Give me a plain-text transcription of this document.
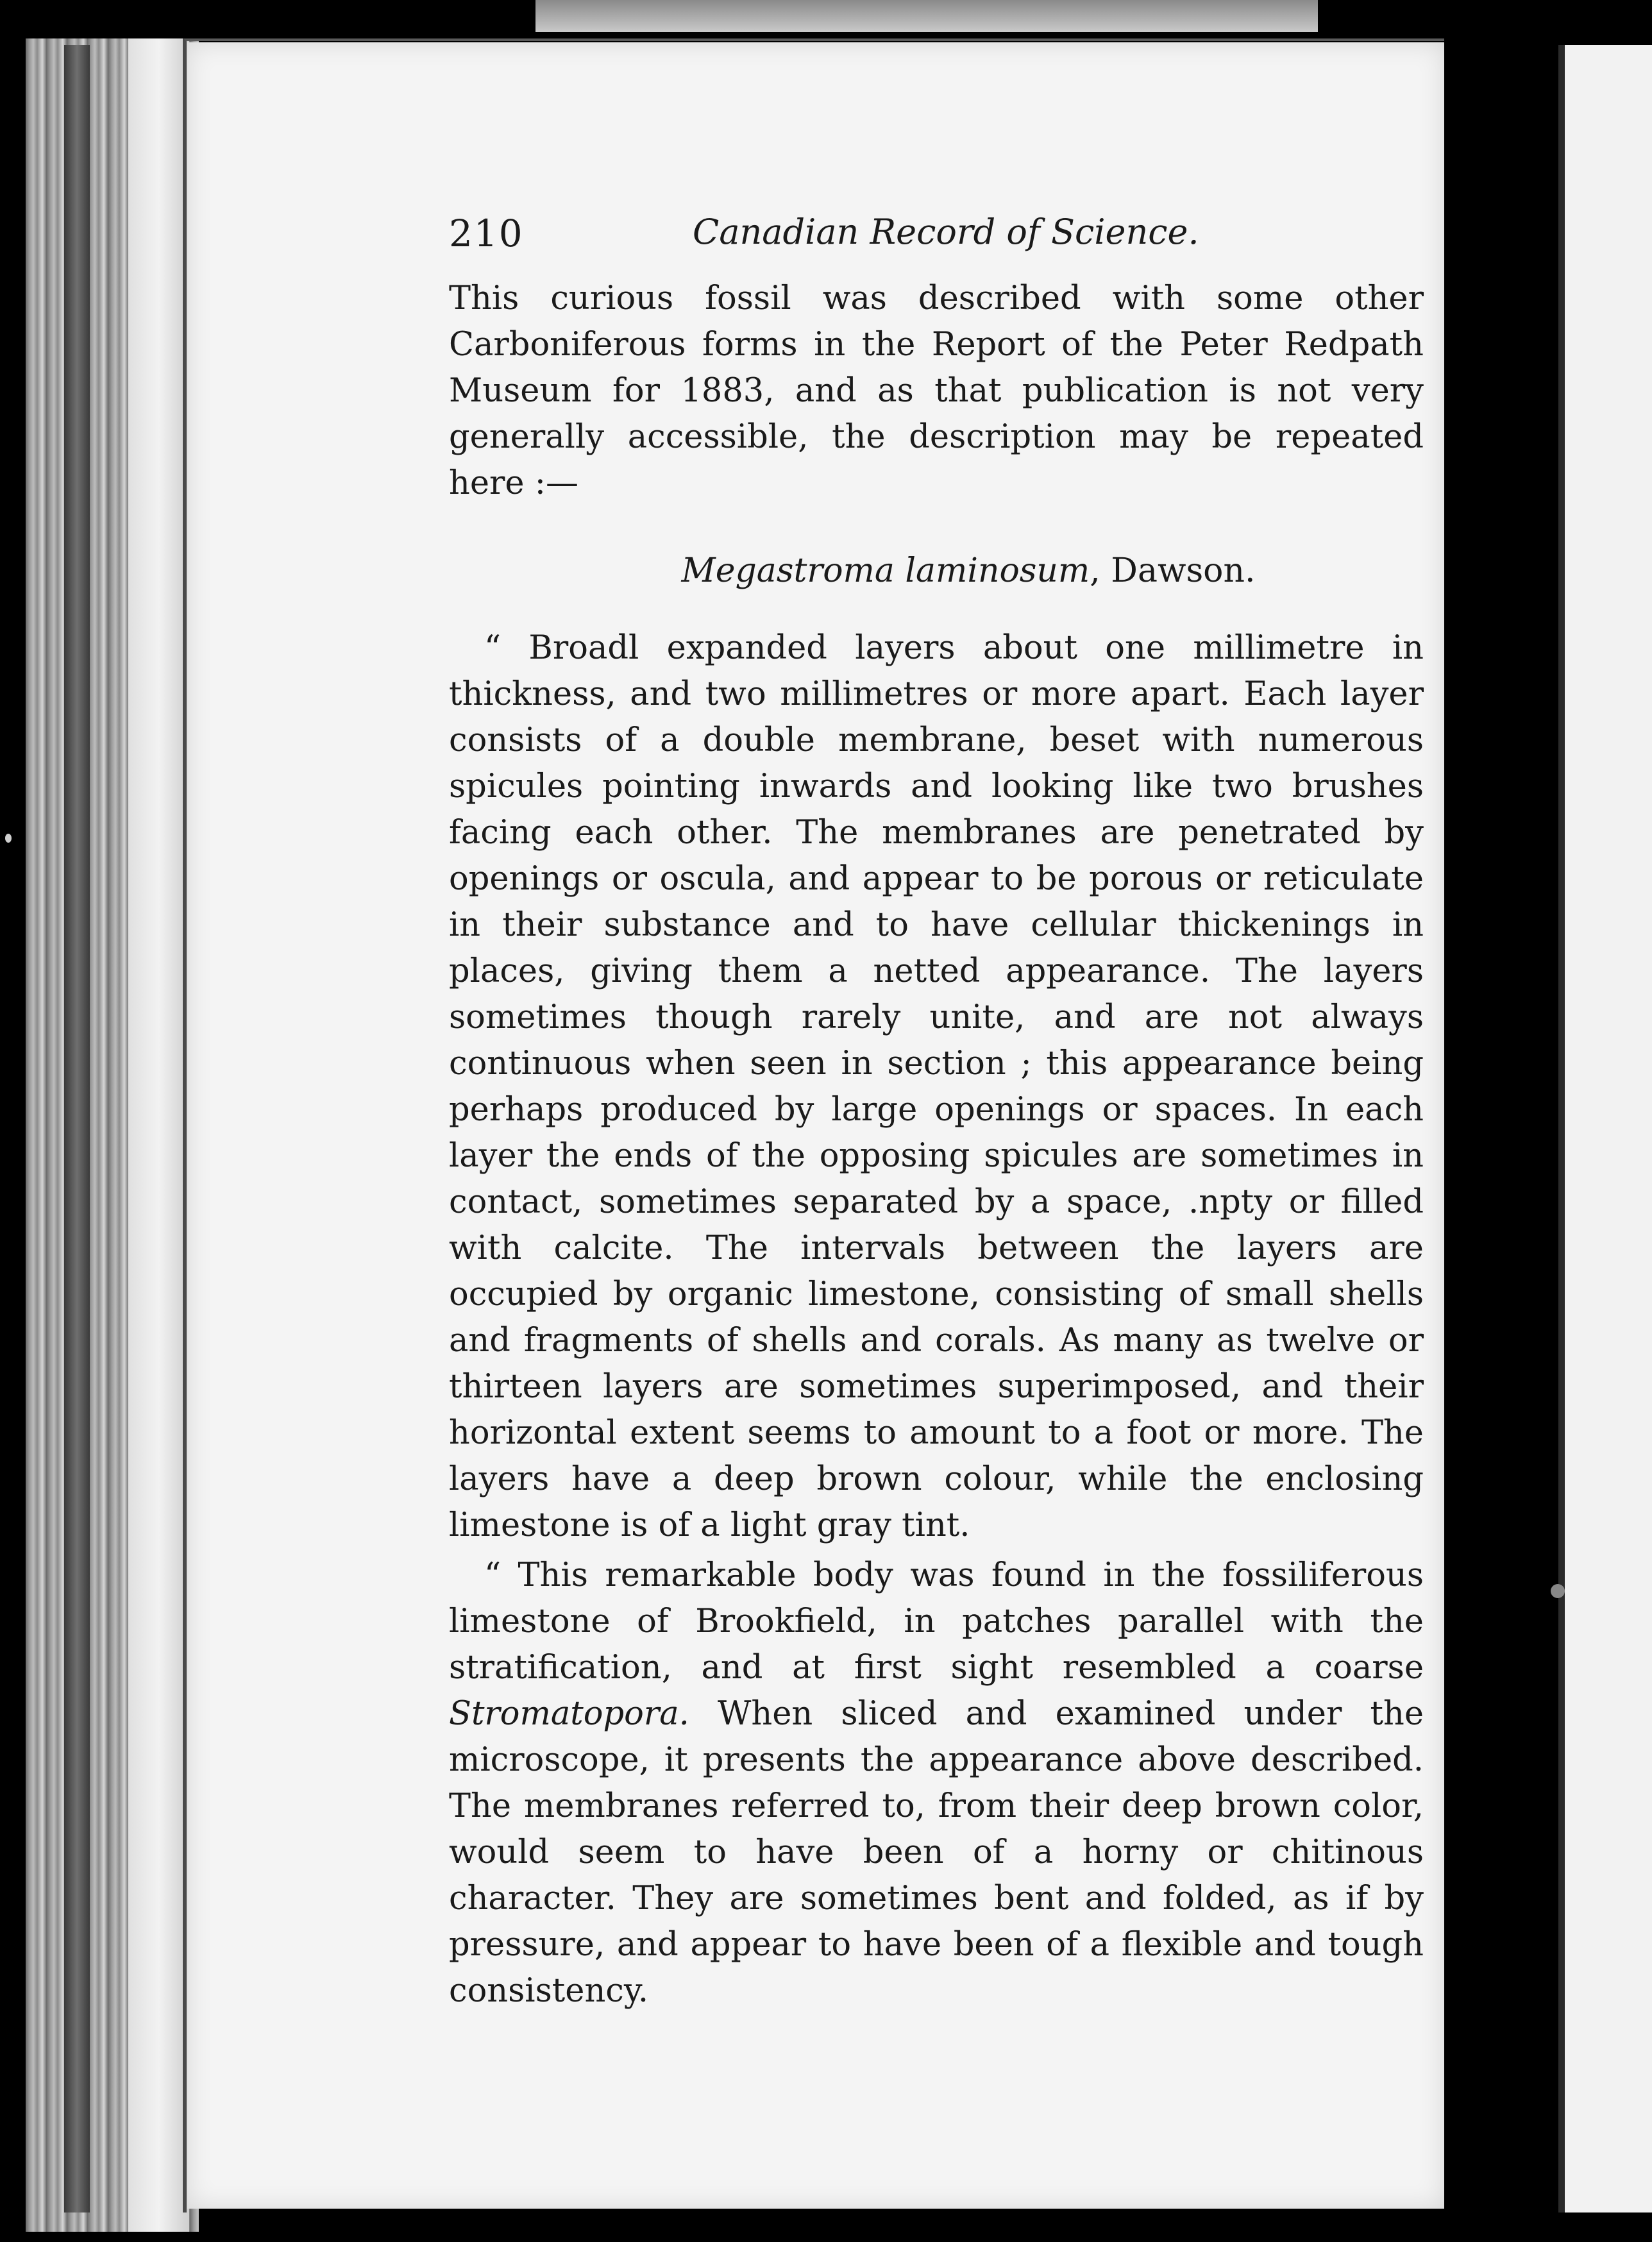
210	Canadian Record of Science.

This curious fossil was described with some other Carboniferous forms in the Report of the Peter Redpath Museum for 1883, and as that publication is not very generally accessible, the description may be repeated here :—

Megastroma laminosum, Dawson.

“ Broadl expanded layers about one millimetre in thickness, and two millimetres or more apart. Each layer consists of a double membrane, beset with numerous spicules pointing inwards and looking like two brushes facing each other. The membranes are penetrated by openings or oscula, and appear to be porous or reticulate in their substance and to have cellular thickenings in places, giving them a netted appearance. The layers sometimes though rarely unite, and are not always continuous when seen in section ; this appearance being perhaps produced by large openings or spaces. In each layer the ends of the opposing spicules are sometimes in contact, sometimes separated by a space, .npty or filled with calcite. The intervals between the layers are occupied by organic limestone, consisting of small shells and fragments of shells and corals. As many as twelve or thirteen layers are sometimes superimposed, and their horizontal extent seems to amount to a foot or more. The layers have a deep brown colour, while the enclosing limestone is of a light gray tint.

“ This remarkable body was found in the fossiliferous limestone of Brookfield, in patches parallel with the stratification, and at first sight resembled a coarse Stromatopora. When sliced and examined under the microscope, it presents the appearance above described. The membranes referred to, from their deep brown color, would seem to have been of a horny or chitinous character. They are sometimes bent and folded, as if by pressure, and appear to have been of a flexible and tough consistency.
